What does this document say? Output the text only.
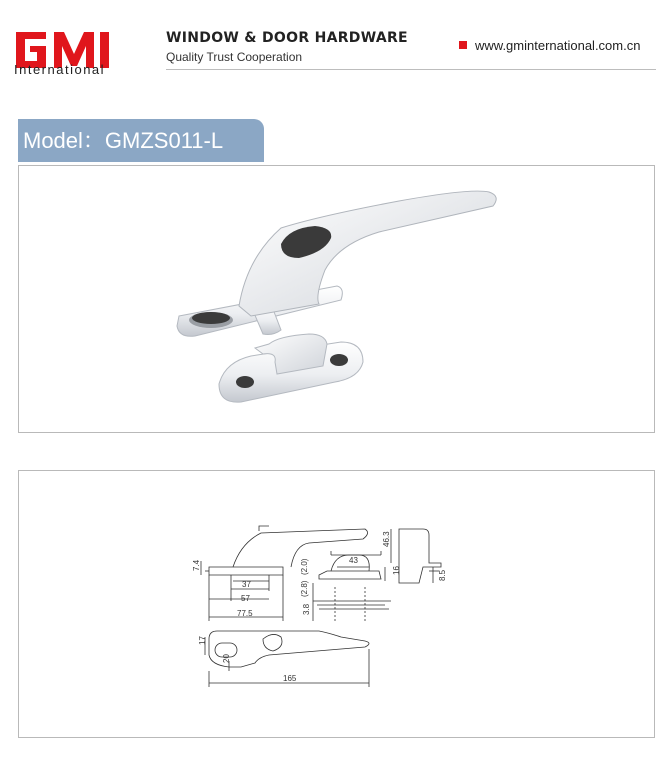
International
WINDOW & DOOR HARDWARE
Quality Trust Cooperation
www.gminternational.com.cn
Model：GMZS011-L
7.4
37
57
77.5
43
16
3.8
(2.8)
(2.0)
46.3
8.5
17
20
165
